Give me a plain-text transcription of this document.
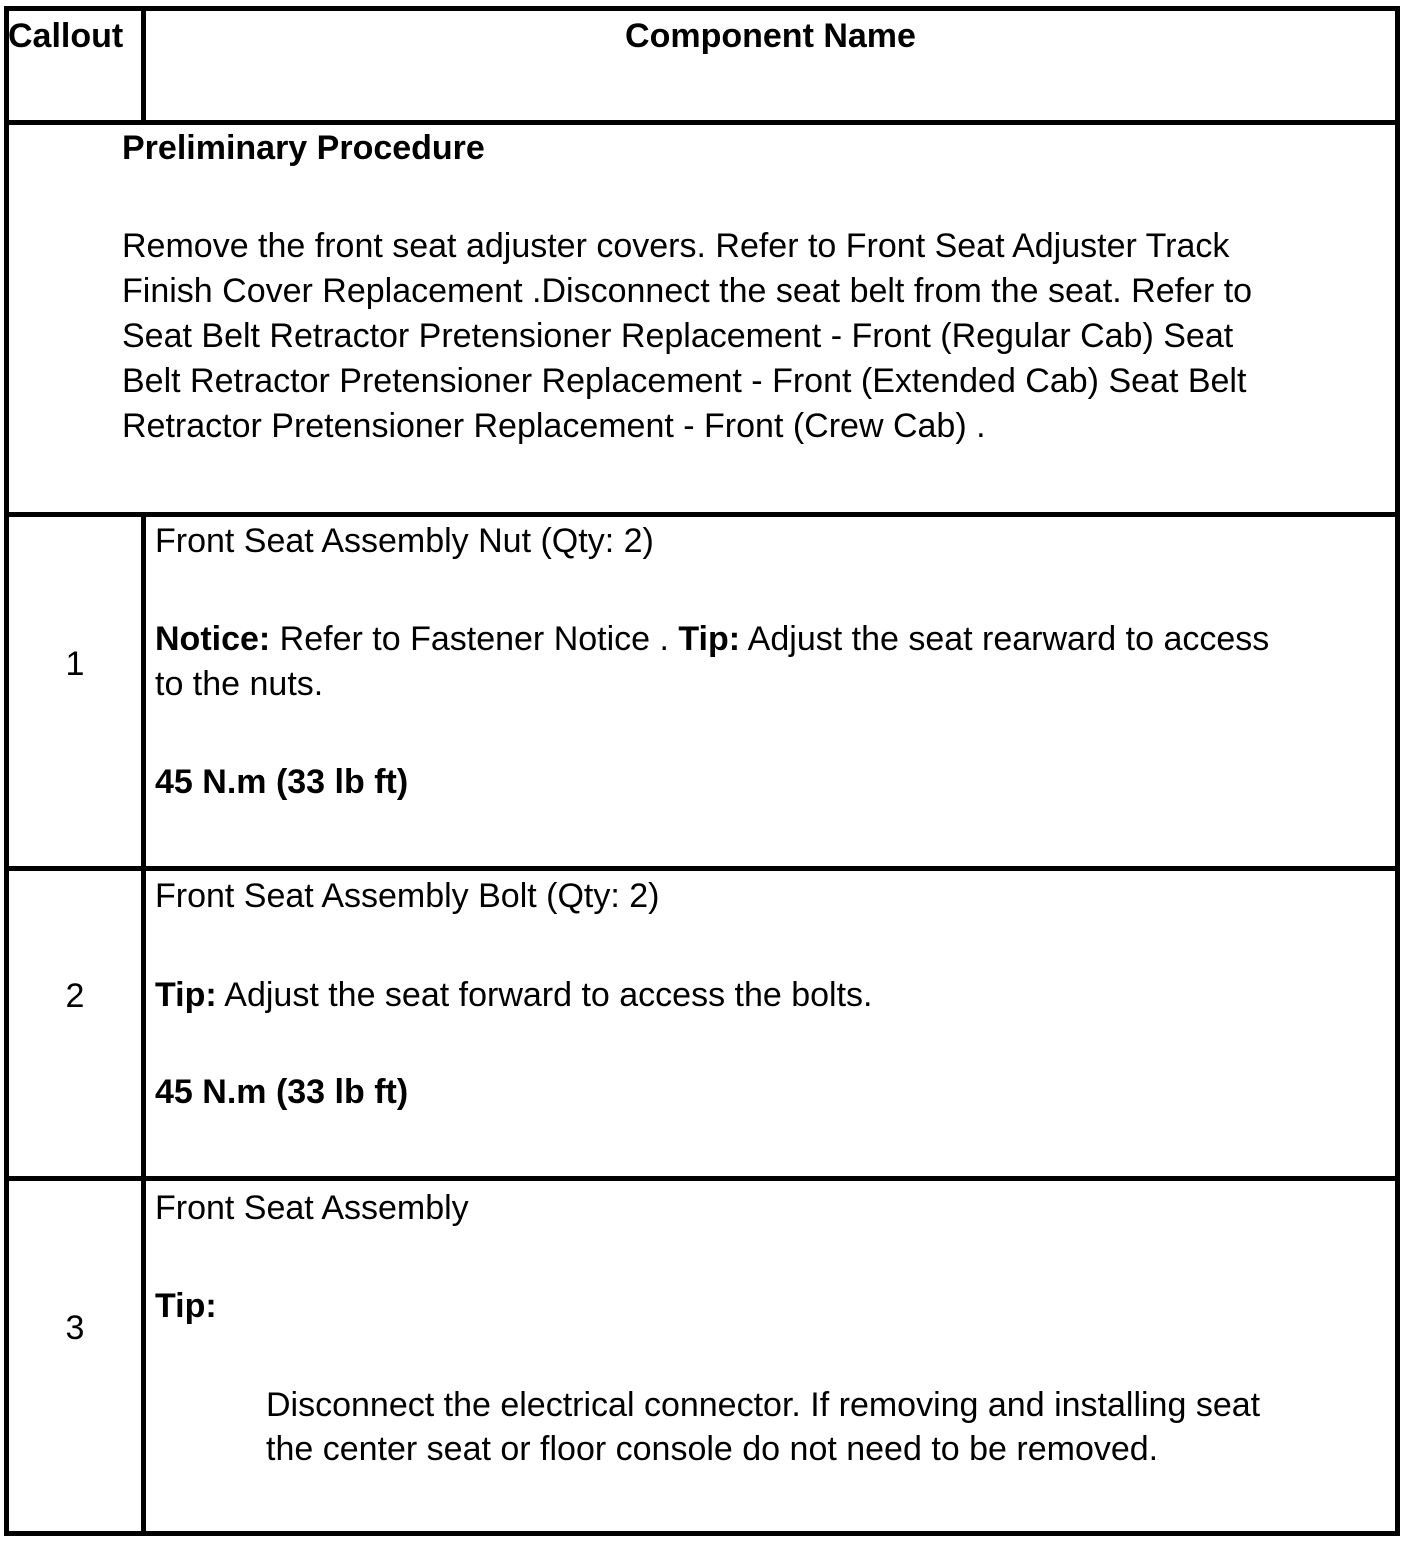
Callout	Component Name
Preliminary Procedure
Remove the front seat adjuster covers. Refer to Front Seat Adjuster Track
Finish Cover Replacement .Disconnect the seat belt from the seat. Refer to
Seat Belt Retractor Pretensioner Replacement - Front (Regular Cab) Seat
Belt Retractor Pretensioner Replacement - Front (Extended Cab) Seat Belt
Retractor Pretensioner Replacement - Front (Crew Cab) .
1
Front Seat Assembly Nut (Qty: 2)
Notice: Refer to Fastener Notice . Tip: Adjust the seat rearward to access
to the nuts.
45 N.m (33 lb ft)
2
Front Seat Assembly Bolt (Qty: 2)
Tip: Adjust the seat forward to access the bolts.
45 N.m (33 lb ft)
3
Front Seat Assembly
Tip:
Disconnect the electrical connector. If removing and installing seat
the center seat or floor console do not need to be removed.
